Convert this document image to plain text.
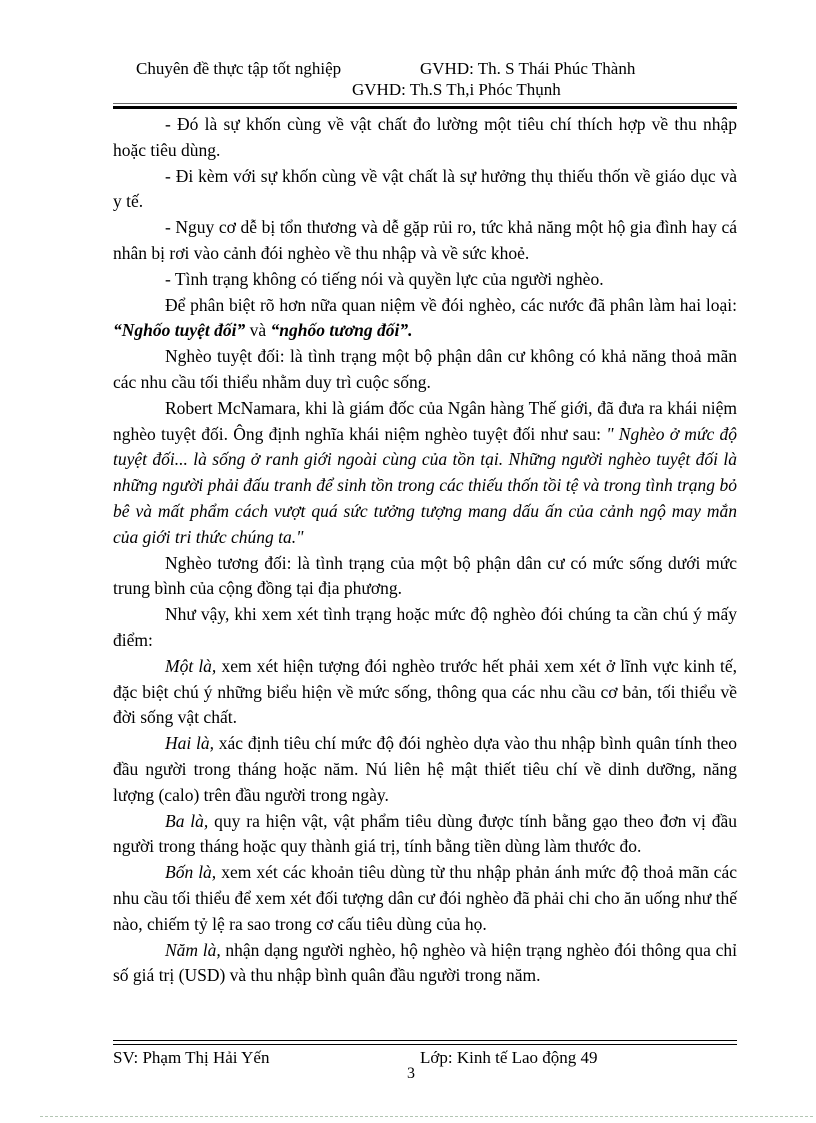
Chuyên đề thực tập tốt nghiệp	GVHD: Th. S Thái Phúc Thành
GVHD: Th.S Th,i Phóc Thụnh

- Đó là sự khốn cùng về vật chất đo lường một tiêu chí thích hợp về thu nhập hoặc tiêu dùng.

- Đi kèm với sự khốn cùng về vật chất là sự hưởng thụ thiếu thốn về giáo dục và y tế.

- Nguy cơ dễ bị tổn thương và dễ gặp rủi ro, tức khả năng một hộ gia đình hay cá nhân bị rơi vào cảnh đói nghèo về thu nhập và về sức khoẻ.

- Tình trạng không có tiếng nói và quyền lực của người nghèo.

Để phân biệt rõ hơn nữa quan niệm về đói nghèo, các nước đã phân làm hai loại: “Nghốo tuyệt đối” và “nghốo tương đối”.

Nghèo tuyệt đối: là tình trạng một bộ phận dân cư không có khả năng thoả mãn các nhu cầu tối thiểu nhằm duy trì cuộc sống.

Robert McNamara, khi là giám đốc của Ngân hàng Thế giới, đã đưa ra khái niệm nghèo tuyệt đối. Ông định nghĩa khái niệm nghèo tuyệt đối như sau: " Nghèo ở mức độ tuyệt đối... là sống ở ranh giới ngoài cùng của tồn tại. Những người nghèo tuyệt đối là những người phải đấu tranh để sinh tồn trong các thiếu thốn tồi tệ và trong tình trạng bỏ bê và mất phẩm cách vượt quá sức tưởng tượng mang dấu ấn của cảnh ngộ may mắn của giới tri thức chúng ta."

Nghèo tương đối: là tình trạng của một bộ phận dân cư có mức sống dưới mức trung bình của cộng đồng tại địa phương.

Như vậy, khi xem xét tình trạng hoặc mức độ nghèo đói chúng ta cần chú ý mấy điểm:

Một là, xem xét hiện tượng đói nghèo trước hết phải xem xét ở lĩnh vực kinh tế, đặc biệt chú ý những biểu hiện về mức sống, thông qua các nhu cầu cơ bản, tối thiểu về đời sống vật chất.

Hai là, xác định tiêu chí mức độ đói nghèo dựa vào thu nhập bình quân tính theo đầu người trong tháng hoặc năm. Nú liên hệ mật thiết tiêu chí về dinh dưỡng, năng lượng (calo) trên đầu người trong ngày.

Ba là, quy ra hiện vật, vật phẩm tiêu dùng được tính bằng gạo theo đơn vị đầu người trong tháng hoặc quy thành giá trị, tính bằng tiền dùng làm thước đo.

Bốn là, xem xét các khoản tiêu dùng từ thu nhập phản ánh mức độ thoả mãn các nhu cầu tối thiểu để xem xét đối tượng dân cư đói nghèo đã phải chi cho ăn uống như thế nào, chiếm tỷ lệ ra sao trong cơ cấu tiêu dùng của họ.

Năm là, nhận dạng người nghèo, hộ nghèo và hiện trạng nghèo đói thông qua chỉ số giá trị (USD) và thu nhập bình quân đầu người trong năm.

SV: Phạm Thị Hải Yến	Lớp: Kinh tế Lao động 49
3
